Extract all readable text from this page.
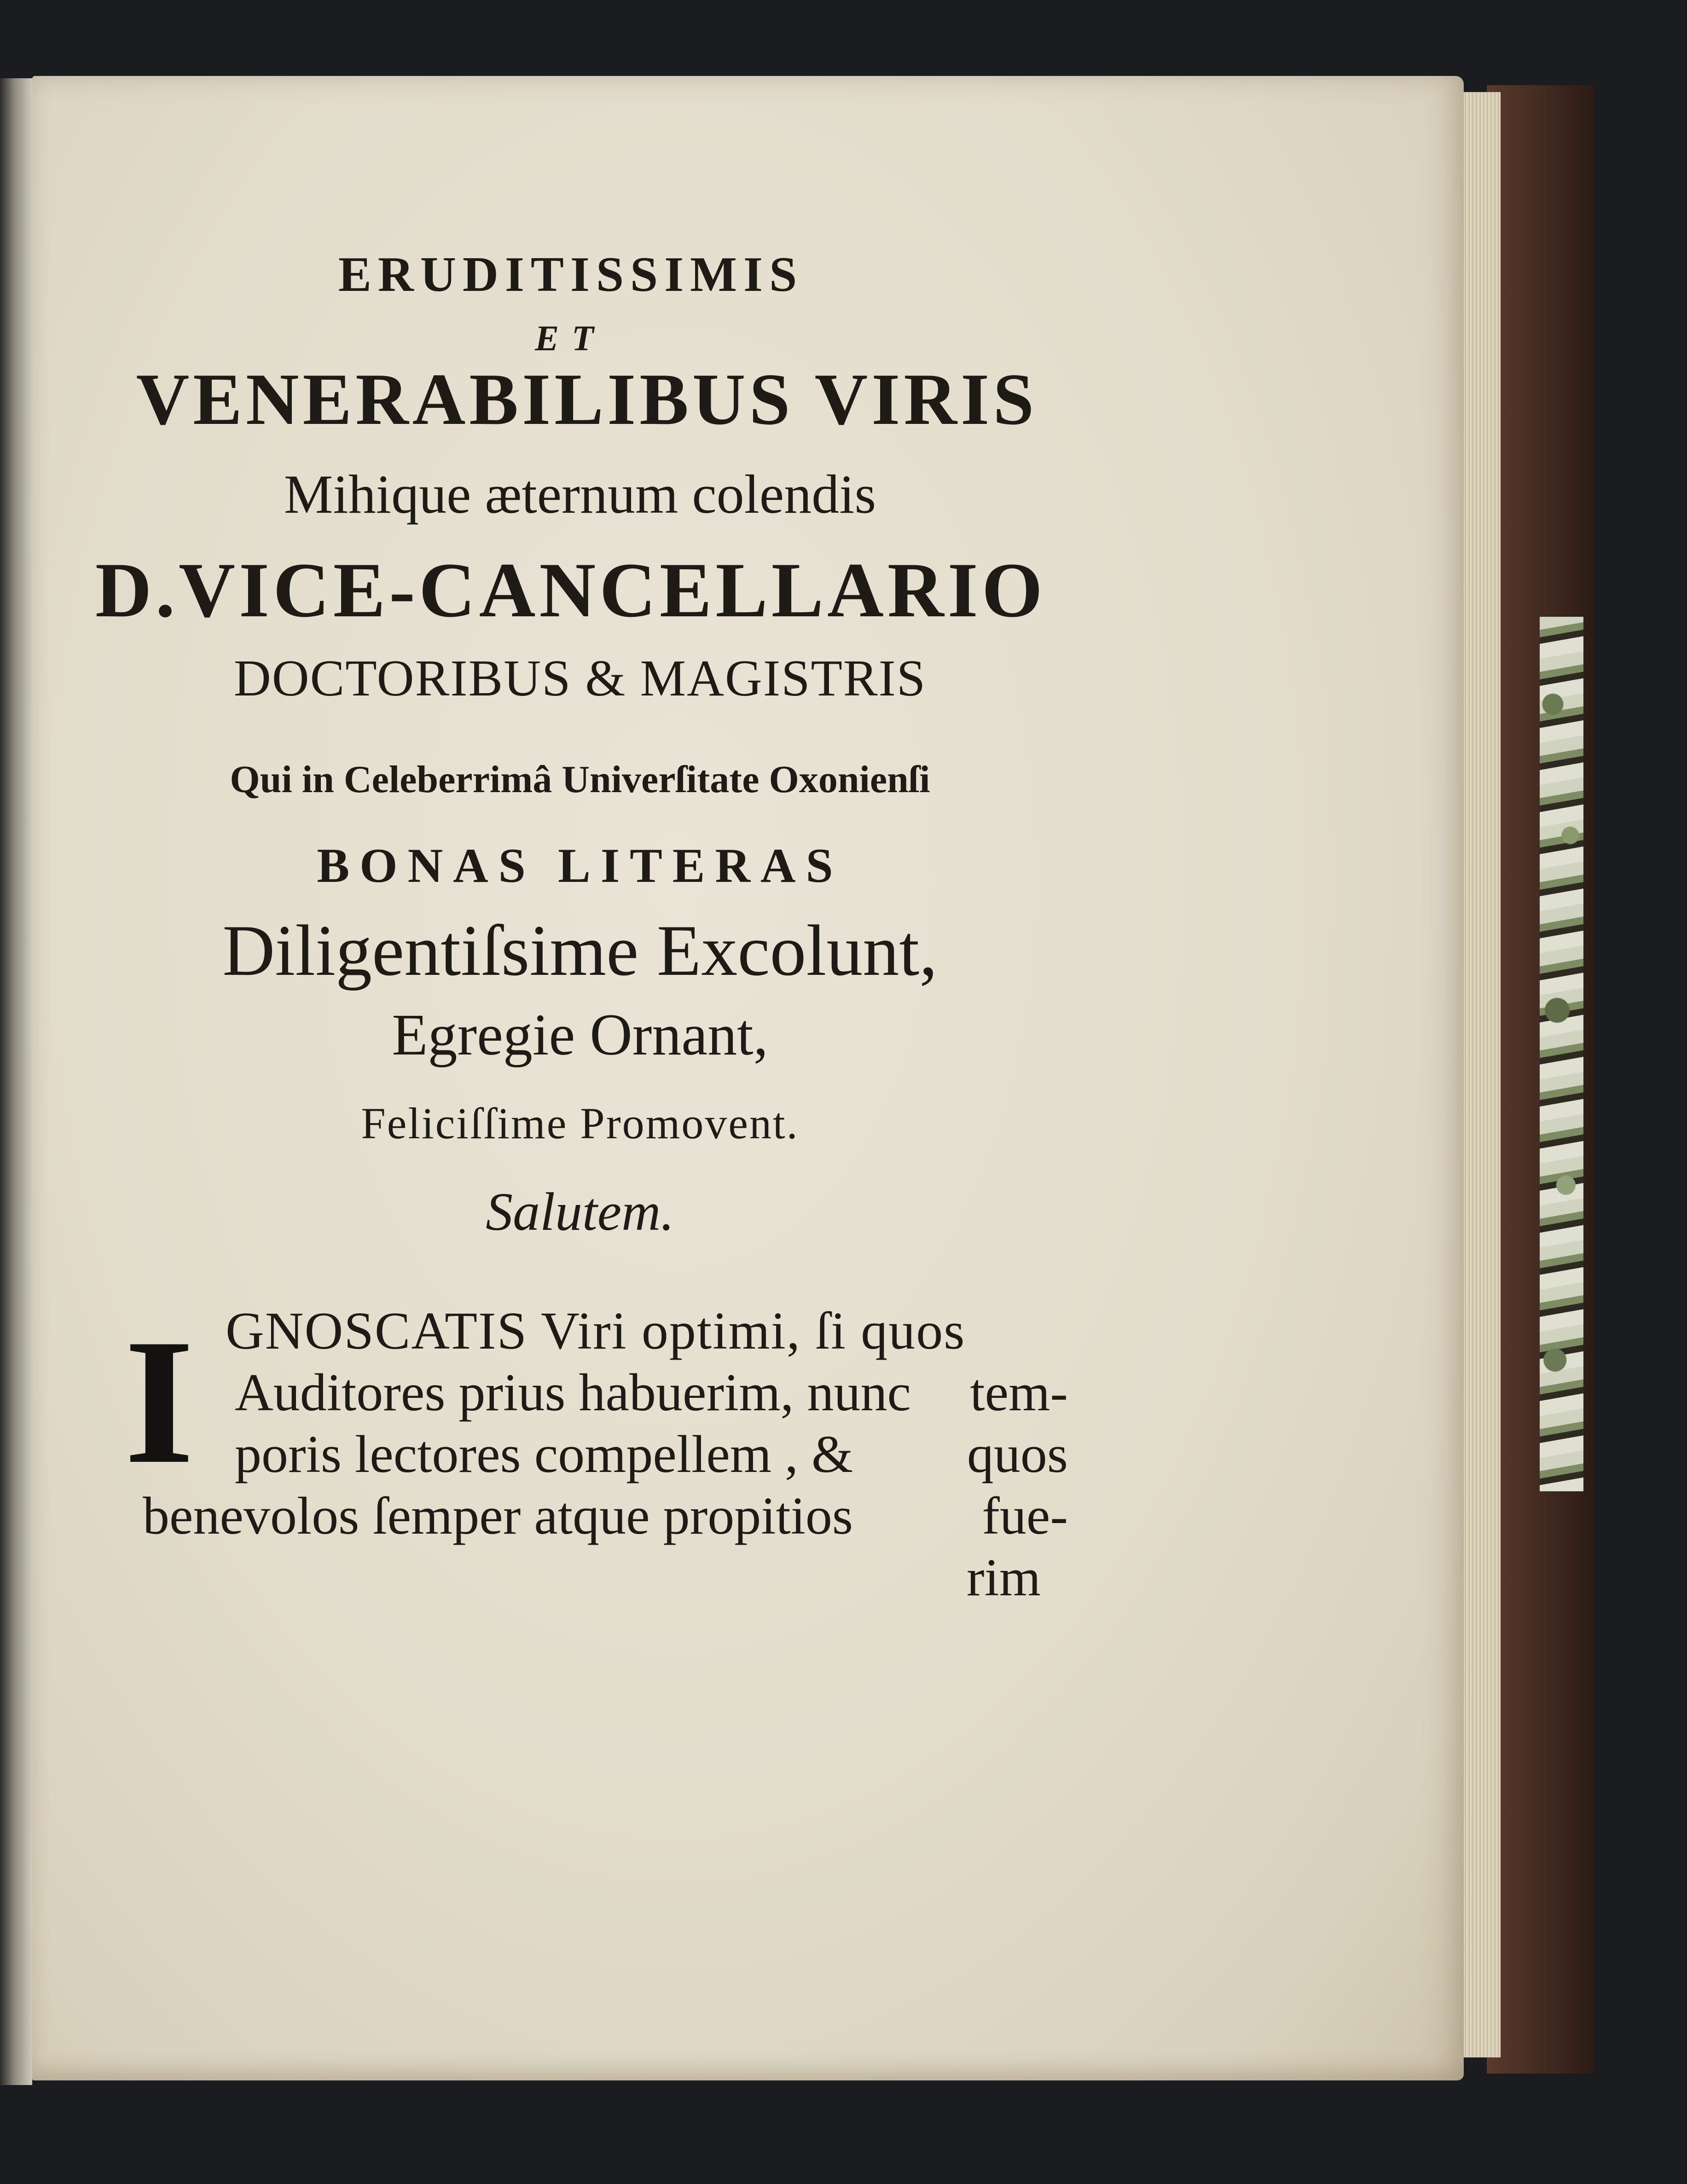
ERUDITISSIMIS
ET
VENERABILIBUS VIRIS
Mihique æternum colendis
D.VICE-CANCELLARIO
DOCTORIBUS & MAGISTRIS
Qui in Celeberrimâ Univerſitate Oxonienſi
BONAS LITERAS
Diligentiſsime Excolunt,
Egregie Ornant,
Feliciſſime Promovent.
Salutem.
I GNOSCATIS Viri optimi, ſi quos
Auditores prius habuerim, nunc tem-
poris lectores compellem , & quos
benevolos ſemper atque propitios fue-
rim
